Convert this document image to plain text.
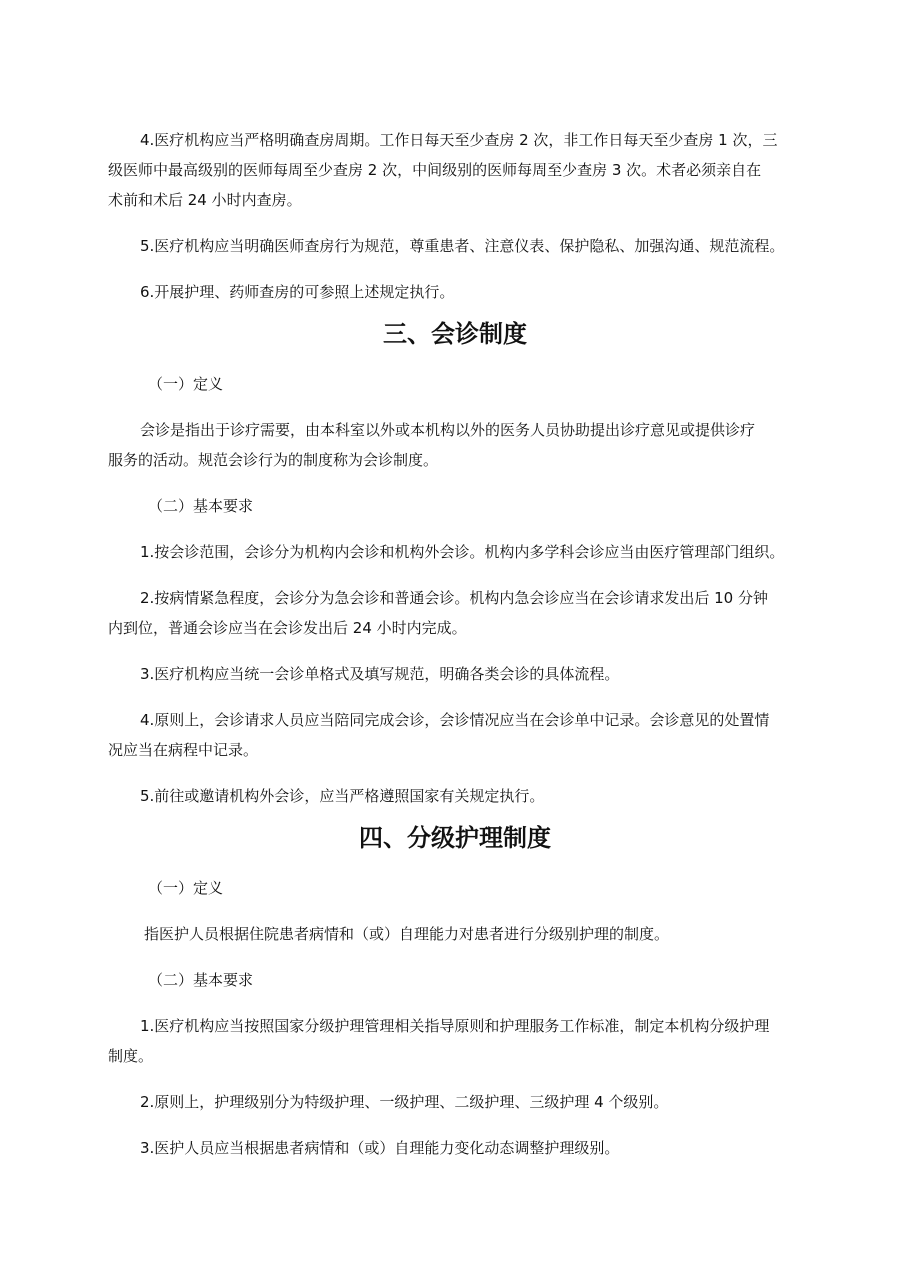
4.医疗机构应当严格明确查房周期。工作日每天至少查房 2 次，非工作日每天至少查房 1 次，三
级医师中最高级别的医师每周至少查房 2 次，中间级别的医师每周至少查房 3 次。术者必须亲自在
术前和术后 24 小时内查房。
5.医疗机构应当明确医师查房行为规范，尊重患者、注意仪表、保护隐私、加强沟通、规范流程。
6.开展护理、药师查房的可参照上述规定执行。
三、会诊制度
（一）定义
会诊是指出于诊疗需要，由本科室以外或本机构以外的医务人员协助提出诊疗意见或提供诊疗
服务的活动。规范会诊行为的制度称为会诊制度。
（二）基本要求
1.按会诊范围，会诊分为机构内会诊和机构外会诊。机构内多学科会诊应当由医疗管理部门组织。
2.按病情紧急程度，会诊分为急会诊和普通会诊。机构内急会诊应当在会诊请求发出后 10 分钟
内到位，普通会诊应当在会诊发出后 24 小时内完成。
3.医疗机构应当统一会诊单格式及填写规范，明确各类会诊的具体流程。
4.原则上，会诊请求人员应当陪同完成会诊，会诊情况应当在会诊单中记录。会诊意见的处置情
况应当在病程中记录。
5.前往或邀请机构外会诊，应当严格遵照国家有关规定执行。
四、分级护理制度
（一）定义
指医护人员根据住院患者病情和（或）自理能力对患者进行分级别护理的制度。
（二）基本要求
1.医疗机构应当按照国家分级护理管理相关指导原则和护理服务工作标准，制定本机构分级护理
制度。
2.原则上，护理级别分为特级护理、一级护理、二级护理、三级护理 4 个级别。
3.医护人员应当根据患者病情和（或）自理能力变化动态调整护理级别。
